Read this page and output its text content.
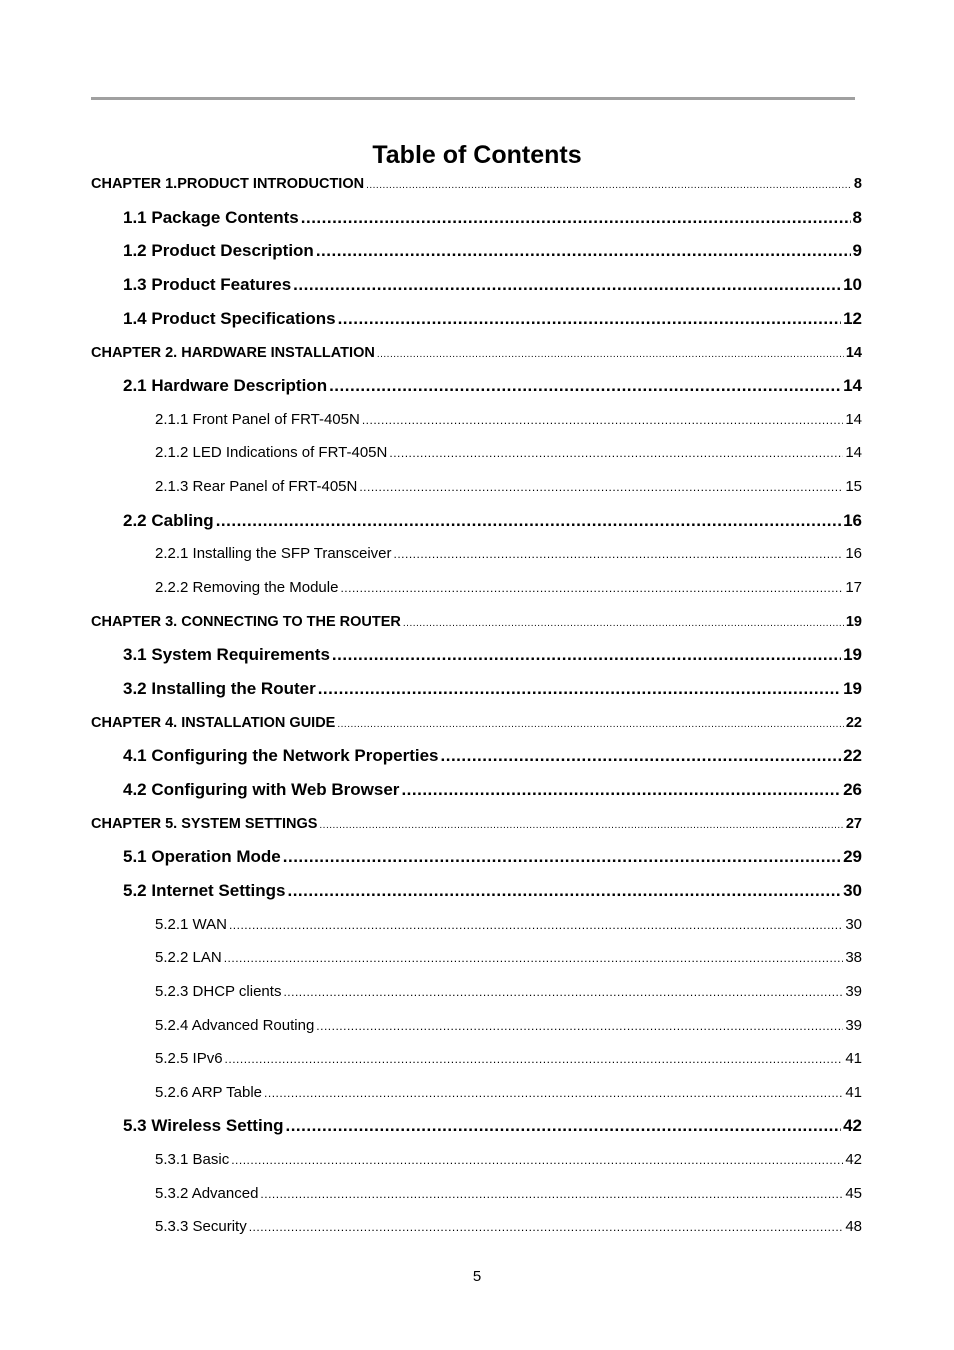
Table of Contents
CHAPTER 1.PRODUCT INTRODUCTION .....	8
1.1 Package Contents .....	8
1.2 Product Description .....	9
1.3 Product Features .....	10
1.4 Product Specifications .....	12
CHAPTER 2. HARDWARE INSTALLATION .....	14
2.1 Hardware Description .....	14
2.1.1 Front Panel of FRT-405N .....	14
2.1.2 LED Indications of FRT-405N .....	14
2.1.3 Rear Panel of FRT-405N .....	15
2.2 Cabling .....	16
2.2.1 Installing the SFP Transceiver .....	16
2.2.2 Removing the Module .....	17
CHAPTER 3. CONNECTING TO THE ROUTER .....	19
3.1 System Requirements .....	19
3.2 Installing the Router .....	19
CHAPTER 4. INSTALLATION GUIDE .....	22
4.1 Configuring the Network Properties .....	22
4.2 Configuring with Web Browser .....	26
CHAPTER 5. SYSTEM SETTINGS .....	27
5.1 Operation Mode .....	29
5.2 Internet Settings .....	30
5.2.1 WAN .....	30
5.2.2 LAN .....	38
5.2.3 DHCP clients .....	39
5.2.4 Advanced Routing .....	39
5.2.5 IPv6 .....	41
5.2.6 ARP Table .....	41
5.3 Wireless Setting .....	42
5.3.1 Basic .....	42
5.3.2 Advanced .....	45
5.3.3 Security .....	48
5
